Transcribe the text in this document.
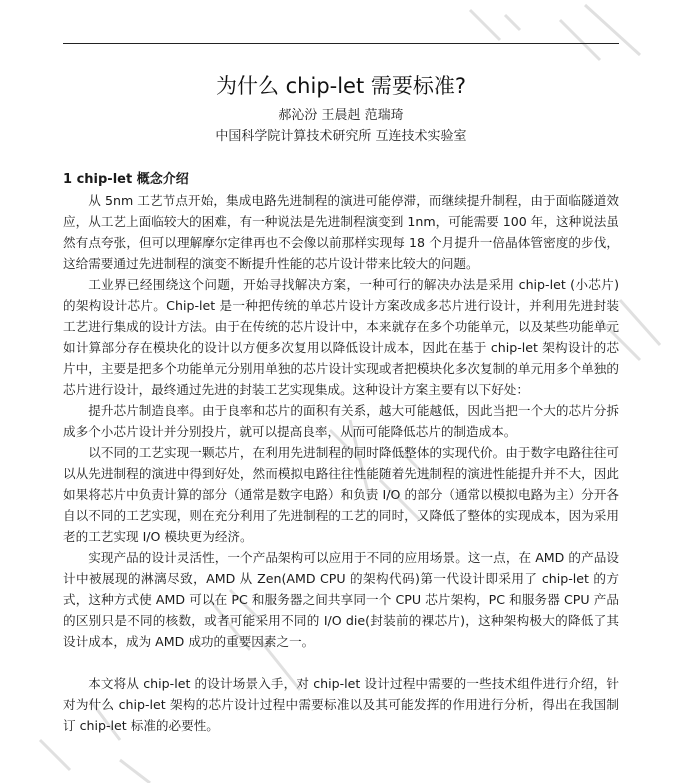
为什么 chip-let 需要标准?

郝沁汾 王晨赳 范瑞琦

中国科学院计算技术研究所 互连技术实验室

1 chip-let 概念介绍

从 5nm 工艺节点开始，集成电路先进制程的演进可能停滞，而继续提升制程，由于面临隧道效应，从工艺上面临较大的困难，有一种说法是先进制程演变到 1nm，可能需要 100 年，这种说法虽然有点夸张，但可以理解摩尔定律再也不会像以前那样实现每 18 个月提升一倍晶体管密度的步伐，这给需要通过先进制程的演变不断提升性能的芯片设计带来比较大的问题。

工业界已经围绕这个问题，开始寻找解决方案，一种可行的解决办法是采用 chip-let (小芯片) 的架构设计芯片。Chip-let 是一种把传统的单芯片设计方案改成多芯片进行设计，并利用先进封装工艺进行集成的设计方法。由于在传统的芯片设计中，本来就存在多个功能单元，以及某些功能单元如计算部分存在模块化的设计以方便多次复用以降低设计成本，因此在基于 chip-let 架构设计的芯片中，主要是把多个功能单元分别用单独的芯片设计实现或者把模块化多次复制的单元用多个单独的芯片进行设计，最终通过先进的封装工艺实现集成。这种设计方案主要有以下好处：

提升芯片制造良率。由于良率和芯片的面积有关系，越大可能越低，因此当把一个大的芯片分拆成多个小芯片设计并分别投片，就可以提高良率，从而可能降低芯片的制造成本。

以不同的工艺实现一颗芯片，在利用先进制程的同时降低整体的实现代价。由于数字电路往往可以从先进制程的演进中得到好处，然而模拟电路往往性能随着先进制程的演进性能提升并不大，因此如果将芯片中负责计算的部分（通常是数字电路）和负责 I/O 的部分（通常以模拟电路为主）分开各自以不同的工艺实现，则在充分利用了先进制程的工艺的同时，又降低了整体的实现成本，因为采用老的工艺实现 I/O 模块更为经济。

实现产品的设计灵活性，一个产品架构可以应用于不同的应用场景。这一点，在 AMD 的产品设计中被展现的淋漓尽致，AMD 从 Zen(AMD CPU 的架构代码)第一代设计即采用了 chip-let 的方式，这种方式使 AMD 可以在 PC 和服务器之间共享同一个 CPU 芯片架构，PC 和服务器 CPU 产品的区别只是不同的核数，或者可能采用不同的 I/O die(封装前的裸芯片)，这种架构极大的降低了其设计成本，成为 AMD 成功的重要因素之一。

本文将从 chip-let 的设计场景入手，对 chip-let 设计过程中需要的一些技术组件进行介绍，针对为什么 chip-let 架构的芯片设计过程中需要标准以及其可能发挥的作用进行分析，得出在我国制订 chip-let 标准的必要性。
